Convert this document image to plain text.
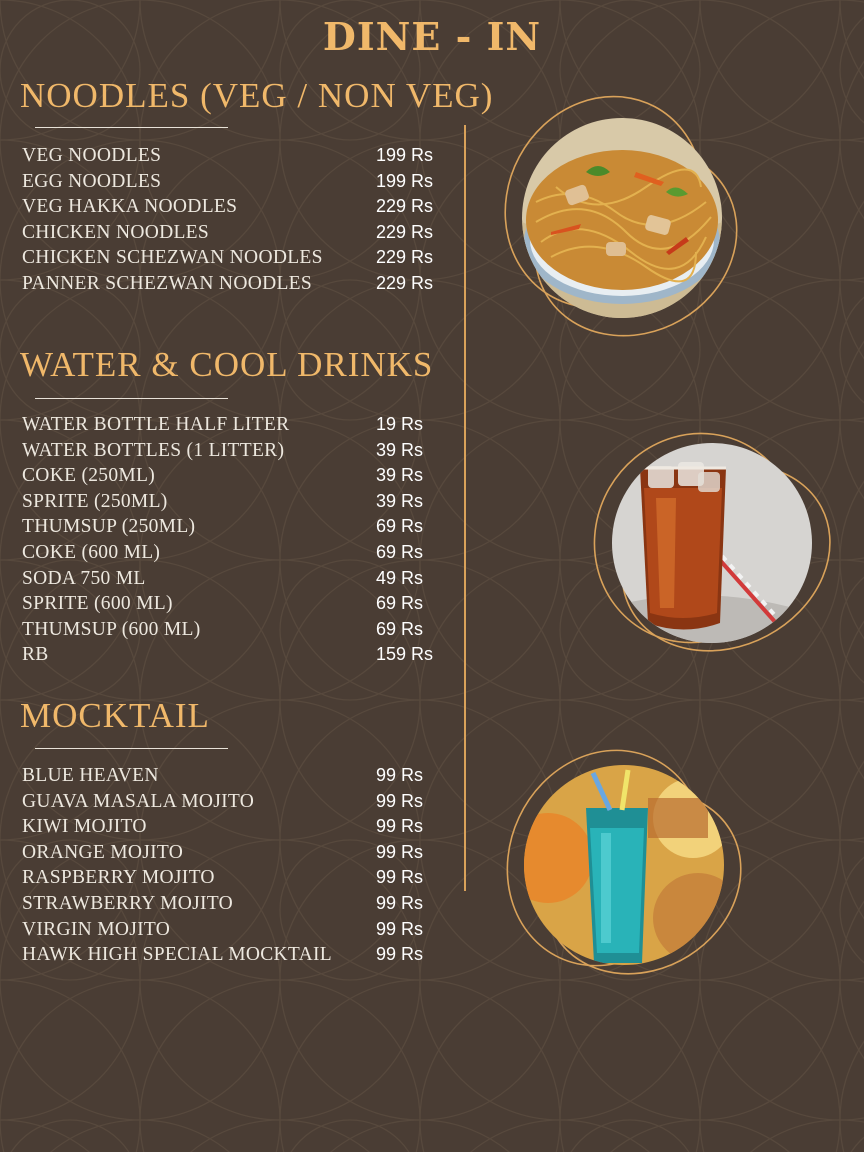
DINE - IN
NOODLES (VEG / NON VEG)
VEG NOODLES	199 Rs
EGG NOODLES	199 Rs
VEG HAKKA NOODLES	229 Rs
CHICKEN NOODLES	229 Rs
CHICKEN SCHEZWAN NOODLES	229 Rs
PANNER SCHEZWAN NOODLES	229 Rs
WATER & COOL DRINKS
WATER BOTTLE HALF LITER	19 Rs
WATER BOTTLES (1 LITTER)	39 Rs
COKE (250ML)	39 Rs
SPRITE (250ML)	39 Rs
THUMSUP (250ML)	69 Rs
COKE (600 ML)	69 Rs
SODA 750 ML	49 Rs
SPRITE (600 ML)	69 Rs
THUMSUP (600 ML)	69 Rs
RB	159 Rs
MOCKTAIL
BLUE HEAVEN	99 Rs
GUAVA MASALA MOJITO	99 Rs
KIWI MOJITO	99 Rs
ORANGE MOJITO	99 Rs
RASPBERRY MOJITO	99 Rs
STRAWBERRY MOJITO	99 Rs
VIRGIN MOJITO	99 Rs
HAWK HIGH SPECIAL MOCKTAIL 99 Rs
